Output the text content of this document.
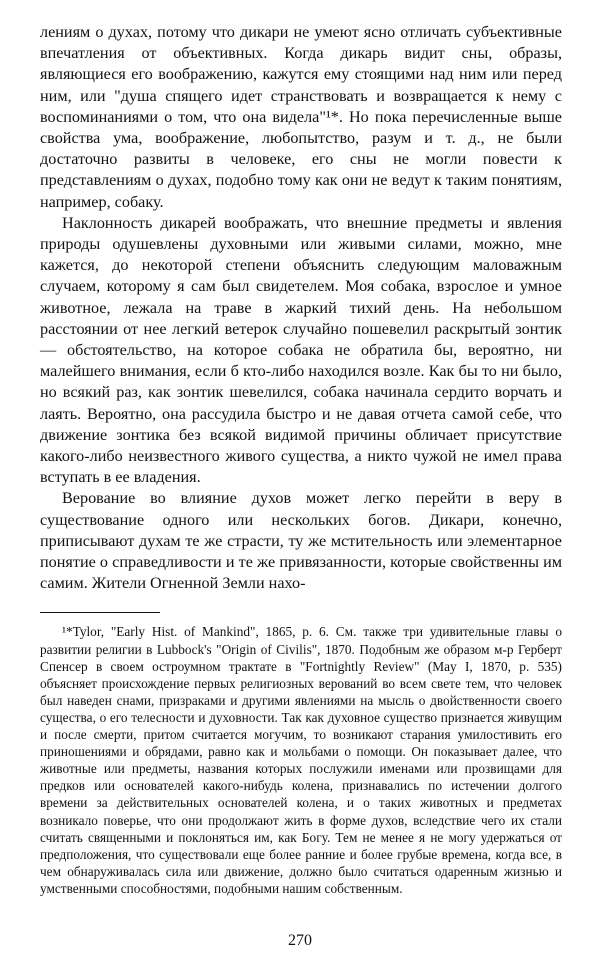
лениям о духах, потому что дикари не умеют ясно отличать субъективные впечатления от объективных. Когда дикарь видит сны, образы, являющиеся его воображению, кажутся ему стоящими над ним или перед ним, или "душа спящего идет странствовать и возвращается к нему с воспоминаниями о том, что она видела"¹*. Но пока перечисленные выше свойства ума, воображение, любопытство, разум и т. д., не были достаточно развиты в человеке, его сны не могли повести к представлениям о духах, подобно тому как они не ведут к таким понятиям, например, собаку.

Наклонность дикарей воображать, что внешние предметы и явления природы одушевлены духовными или живыми силами, можно, мне кажется, до некоторой степени объяснить следующим маловажным случаем, которому я сам был свидетелем. Моя собака, взрослое и умное животное, лежала на траве в жаркий тихий день. На небольшом расстоянии от нее легкий ветерок случайно пошевелил раскрытый зонтик — обстоятельство, на которое собака не обратила бы, вероятно, ни малейшего внимания, если б кто-либо находился возле. Как бы то ни было, но всякий раз, как зонтик шевелился, собака начинала сердито ворчать и лаять. Вероятно, она рассудила быстро и не давая отчета самой себе, что движение зонтика без всякой видимой причины обличает присутствие какого-либо неизвестного живого существа, а никто чужой не имел права вступать в ее владения.

Верование во влияние духов может легко перейти в веру в существование одного или нескольких богов. Дикари, конечно, приписывают духам те же страсти, ту же мстительность или элементарное понятие о справедливости и те же привязанности, которые свойственны им самим. Жители Огненной Земли нахо-

¹*Tylor, "Early Hist. of Mankind", 1865, p. 6. См. также три удивительные главы о развитии религии в Lubbock's "Origin of Civilis", 1870. Подобным же образом м-р Герберт Спенсер в своем остроумном трактате в "Fortnightly Review" (May I, 1870, p. 535) объясняет происхождение первых религиозных верований во всем свете тем, что человек был наведен снами, призраками и другими явлениями на мысль о двойственности своего существа, о его телесности и духовности. Так как духовное существо признается живущим и после смерти, притом считается могучим, то возникают старания умилостивить его приношениями и обрядами, равно как и мольбами о помощи. Он показывает далее, что животные или предметы, названия которых послужили именами или прозвищами для предков или основателей какого-нибудь колена, признавались по истечении долгого времени за действительных основателей колена, и о таких животных и предметах возникало поверье, что они продолжают жить в форме духов, вследствие чего их стали считать священными и поклоняться им, как Богу. Тем не менее я не могу удержаться от предположения, что существовали еще более ранние и более грубые времена, когда все, в чем обнаруживалась сила или движение, должно было считаться одаренным жизнью и умственными способностями, подобными нашим собственным.

270
